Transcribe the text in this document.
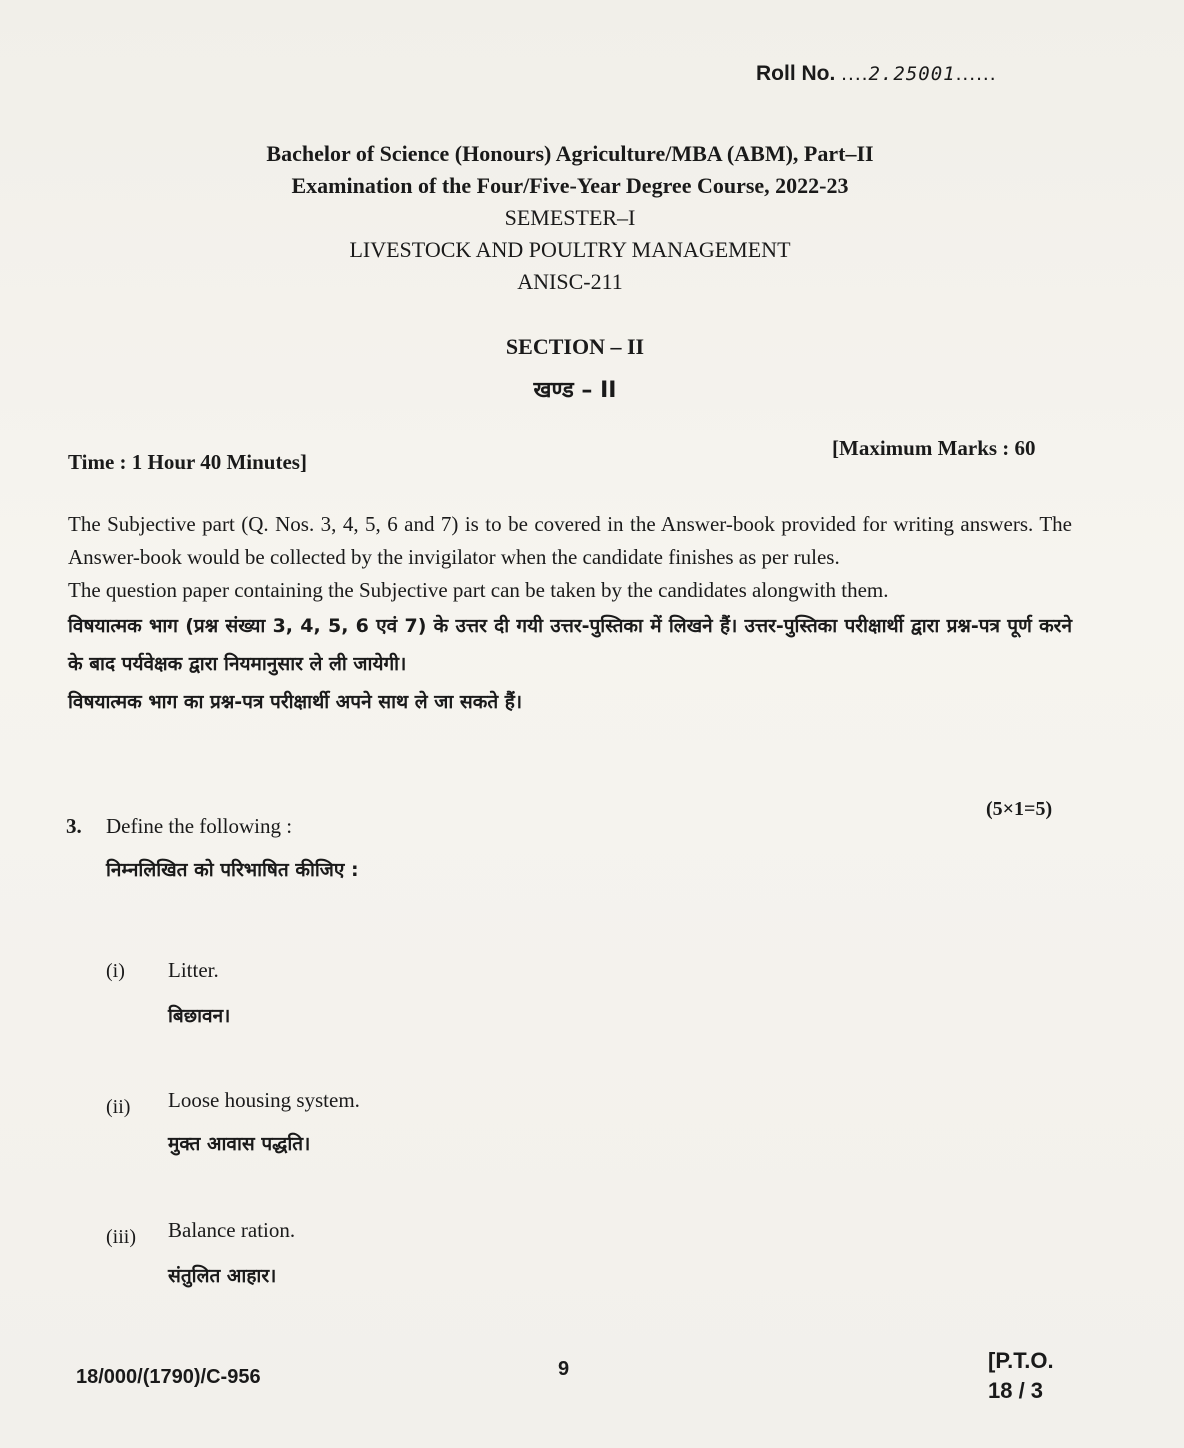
Roll No. ....2.25001......
Bachelor of Science (Honours) Agriculture/MBA (ABM), Part–II
Examination of the Four/Five-Year Degree Course, 2022-23
SEMESTER–I
LIVESTOCK AND POULTRY MANAGEMENT
ANISC-211
SECTION – II
खण्ड – II
Time : 1 Hour 40 Minutes]
[Maximum Marks : 60

The Subjective part (Q. Nos. 3, 4, 5, 6 and 7) is to be covered in the Answer-book provided for writing answers. The Answer-book would be collected by the invigilator when the candidate finishes as per rules.

The question paper containing the Subjective part can be taken by the candidates alongwith them.

विषयात्मक भाग (प्रश्न संख्या 3, 4, 5, 6 एवं 7) के उत्तर दी गयी उत्तर-पुस्तिका में लिखने हैं। उत्तर-पुस्तिका परीक्षार्थी द्वारा प्रश्न-पत्र पूर्ण करने के बाद पर्यवेक्षक द्वारा नियमानुसार ले ली जायेगी।

विषयात्मक भाग का प्रश्न-पत्र परीक्षार्थी अपने साथ ले जा सकते हैं।

3. Define the following :
निम्नलिखित को परिभाषित कीजिए :
(5×1=5)
(i) Litter.
बिछावन।
(ii) Loose housing system.
मुक्त आवास पद्धति।
(iii) Balance ration.
संतुलित आहार।
18/000/(1790)/C-956	9	[P.T.O.
18 / 3
